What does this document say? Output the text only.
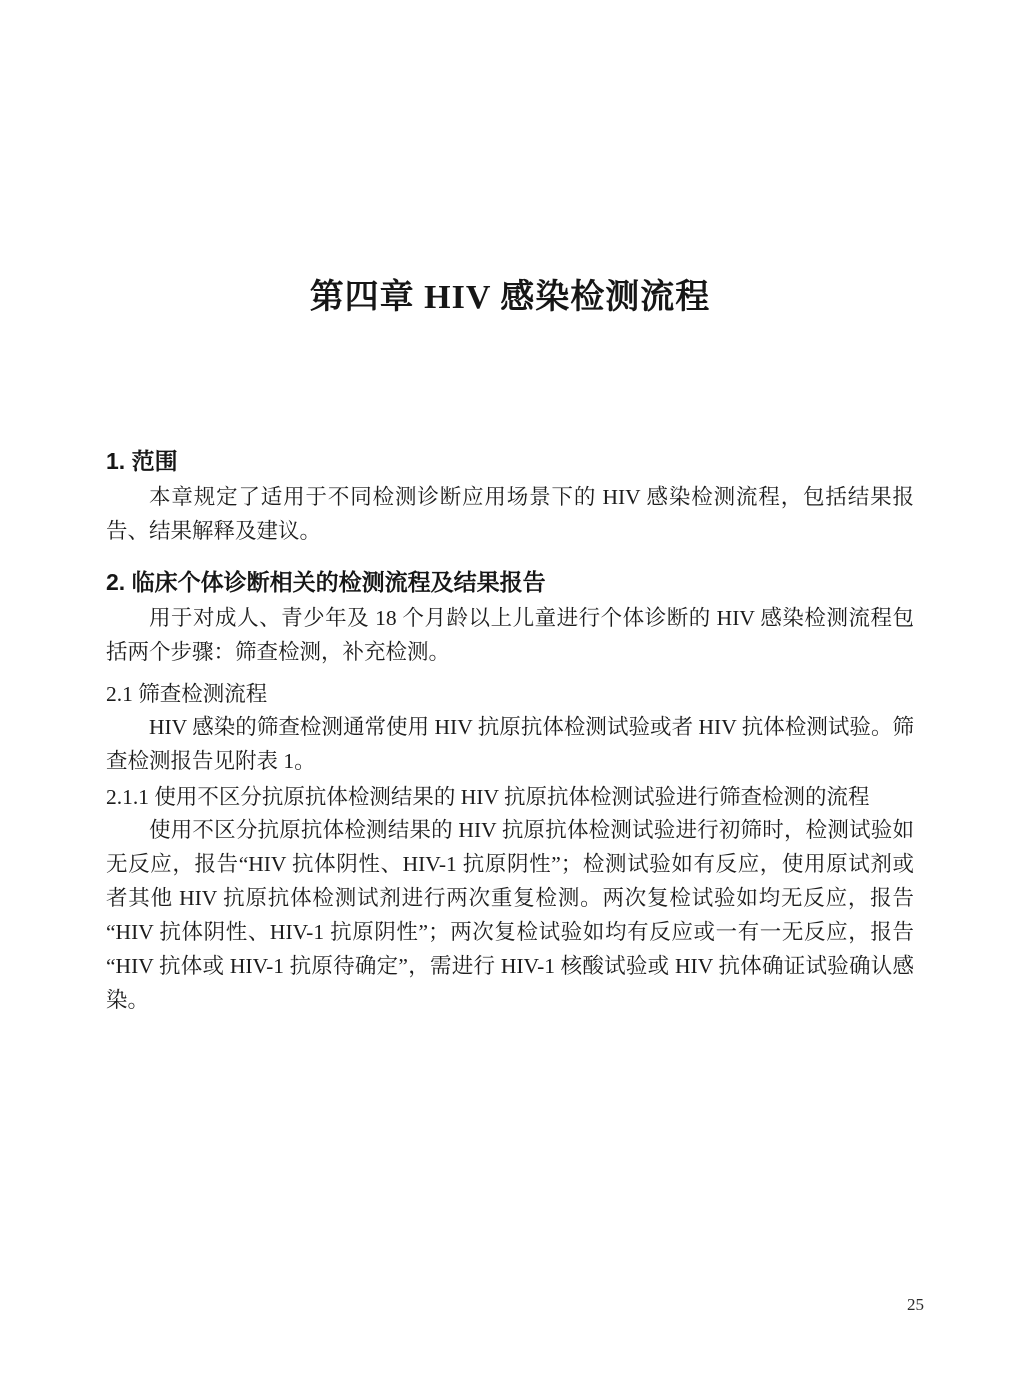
第四章 HIV 感染检测流程
1. 范围

本章规定了适用于不同检测诊断应用场景下的 HIV 感染检测流程，包括结果报告、结果解释及建议。

2. 临床个体诊断相关的检测流程及结果报告

用于对成人、青少年及 18 个月龄以上儿童进行个体诊断的 HIV 感染检测流程包括两个步骤：筛查检测，补充检测。

2.1 筛查检测流程

HIV 感染的筛查检测通常使用 HIV 抗原抗体检测试验或者 HIV 抗体检测试验。筛查检测报告见附表 1。

2.1.1 使用不区分抗原抗体检测结果的 HIV 抗原抗体检测试验进行筛查检测的流程

使用不区分抗原抗体检测结果的 HIV 抗原抗体检测试验进行初筛时，检测试验如无反应，报告“HIV 抗体阴性、HIV-1 抗原阴性”；检测试验如有反应，使用原试剂或者其他 HIV 抗原抗体检测试剂进行两次重复检测。两次复检试验如均无反应，报告“HIV 抗体阴性、HIV-1 抗原阴性”；两次复检试验如均有反应或一有一无反应，报告“HIV 抗体或 HIV-1 抗原待确定”，需进行 HIV-1 核酸试验或 HIV 抗体确证试验确认感染。

25
